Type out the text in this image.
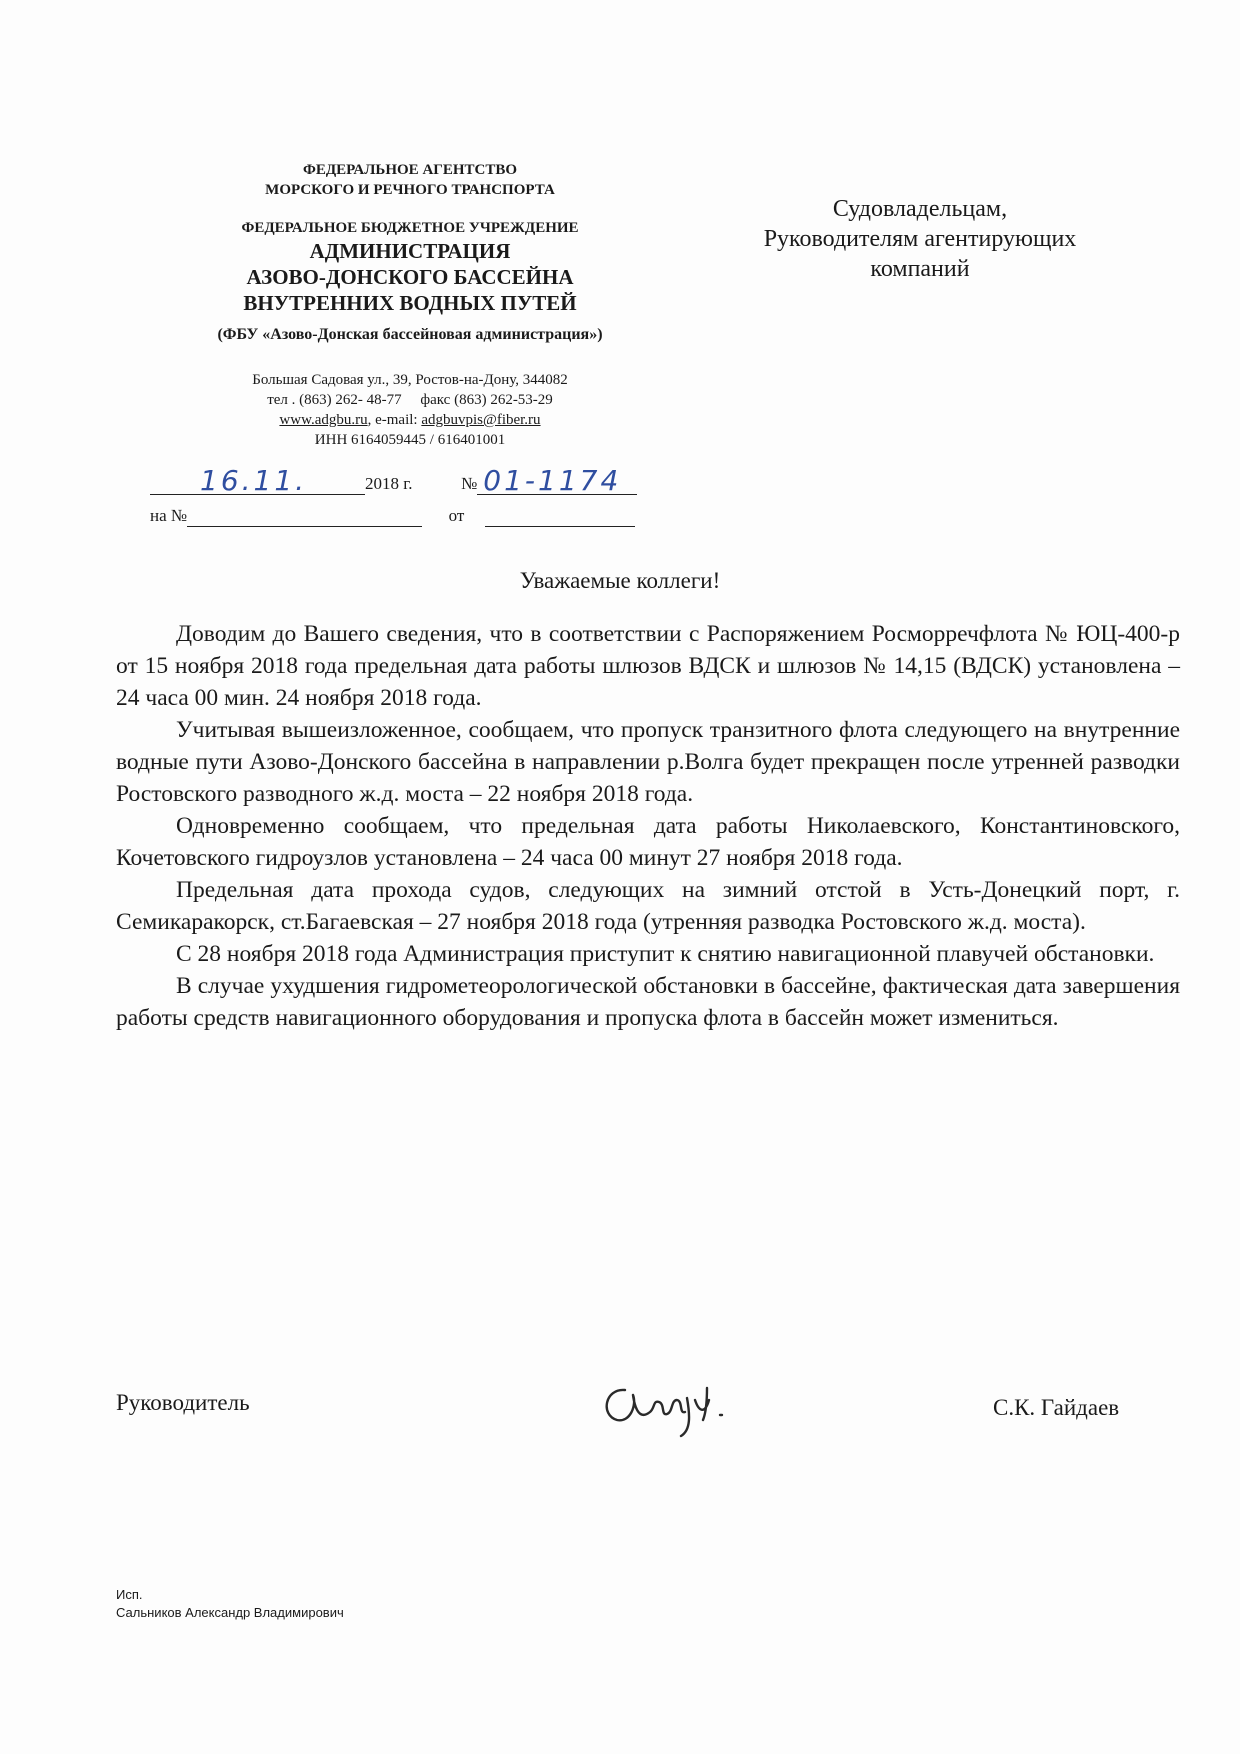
ФЕДЕРАЛЬНОЕ АГЕНТСТВО
МОРСКОГО И РЕЧНОГО ТРАНСПОРТА
ФЕДЕРАЛЬНОЕ БЮДЖЕТНОЕ УЧРЕЖДЕНИЕ
АДМИНИСТРАЦИЯ
АЗОВО-ДОНСКОГО БАССЕЙНА
ВНУТРЕННИХ ВОДНЫХ ПУТЕЙ
(ФБУ «Азово-Донская бассейновая администрация»)
Большая Садовая ул., 39, Ростов-на-Дону, 344082
тел . (863) 262- 48-77 факс (863) 262-53-29
www.adgbu.ru, e-mail: adgbuvpis@fiber.ru
ИНН 6164059445 / 616401001
16.11.	2018 г.	№ 01-1174
на №	от
Судовладельцам,
Руководителям агентирующих
компаний
Уважаемые коллеги!

Доводим до Вашего сведения, что в соответствии с Распоряжением Росморречфлота № ЮЦ-400-р от 15 ноября 2018 года предельная дата работы шлюзов ВДСК и шлюзов № 14,15 (ВДСК) установлена – 24 часа 00 мин. 24 ноября 2018 года.

Учитывая вышеизложенное, сообщаем, что пропуск транзитного флота следующего на внутренние водные пути Азово-Донского бассейна в направлении р.Волга будет прекращен после утренней разводки Ростовского разводного ж.д. моста – 22 ноября 2018 года.

Одновременно сообщаем, что предельная дата работы Николаевского, Константиновского, Кочетовского гидроузлов установлена – 24 часа 00 минут 27 ноября 2018 года.

Предельная дата прохода судов, следующих на зимний отстой в Усть-Донецкий порт, г. Семикаракорск, ст.Багаевская – 27 ноября 2018 года (утренняя разводка Ростовского ж.д. моста).

С 28 ноября 2018 года Администрация приступит к снятию навигационной плавучей обстановки.

В случае ухудшения гидрометеорологической обстановки в бассейне, фактическая дата завершения работы средств навигационного оборудования и пропуска флота в бассейн может измениться.

Руководитель	С.К. Гайдаев
Исп.
Сальников Александр Владимирович
